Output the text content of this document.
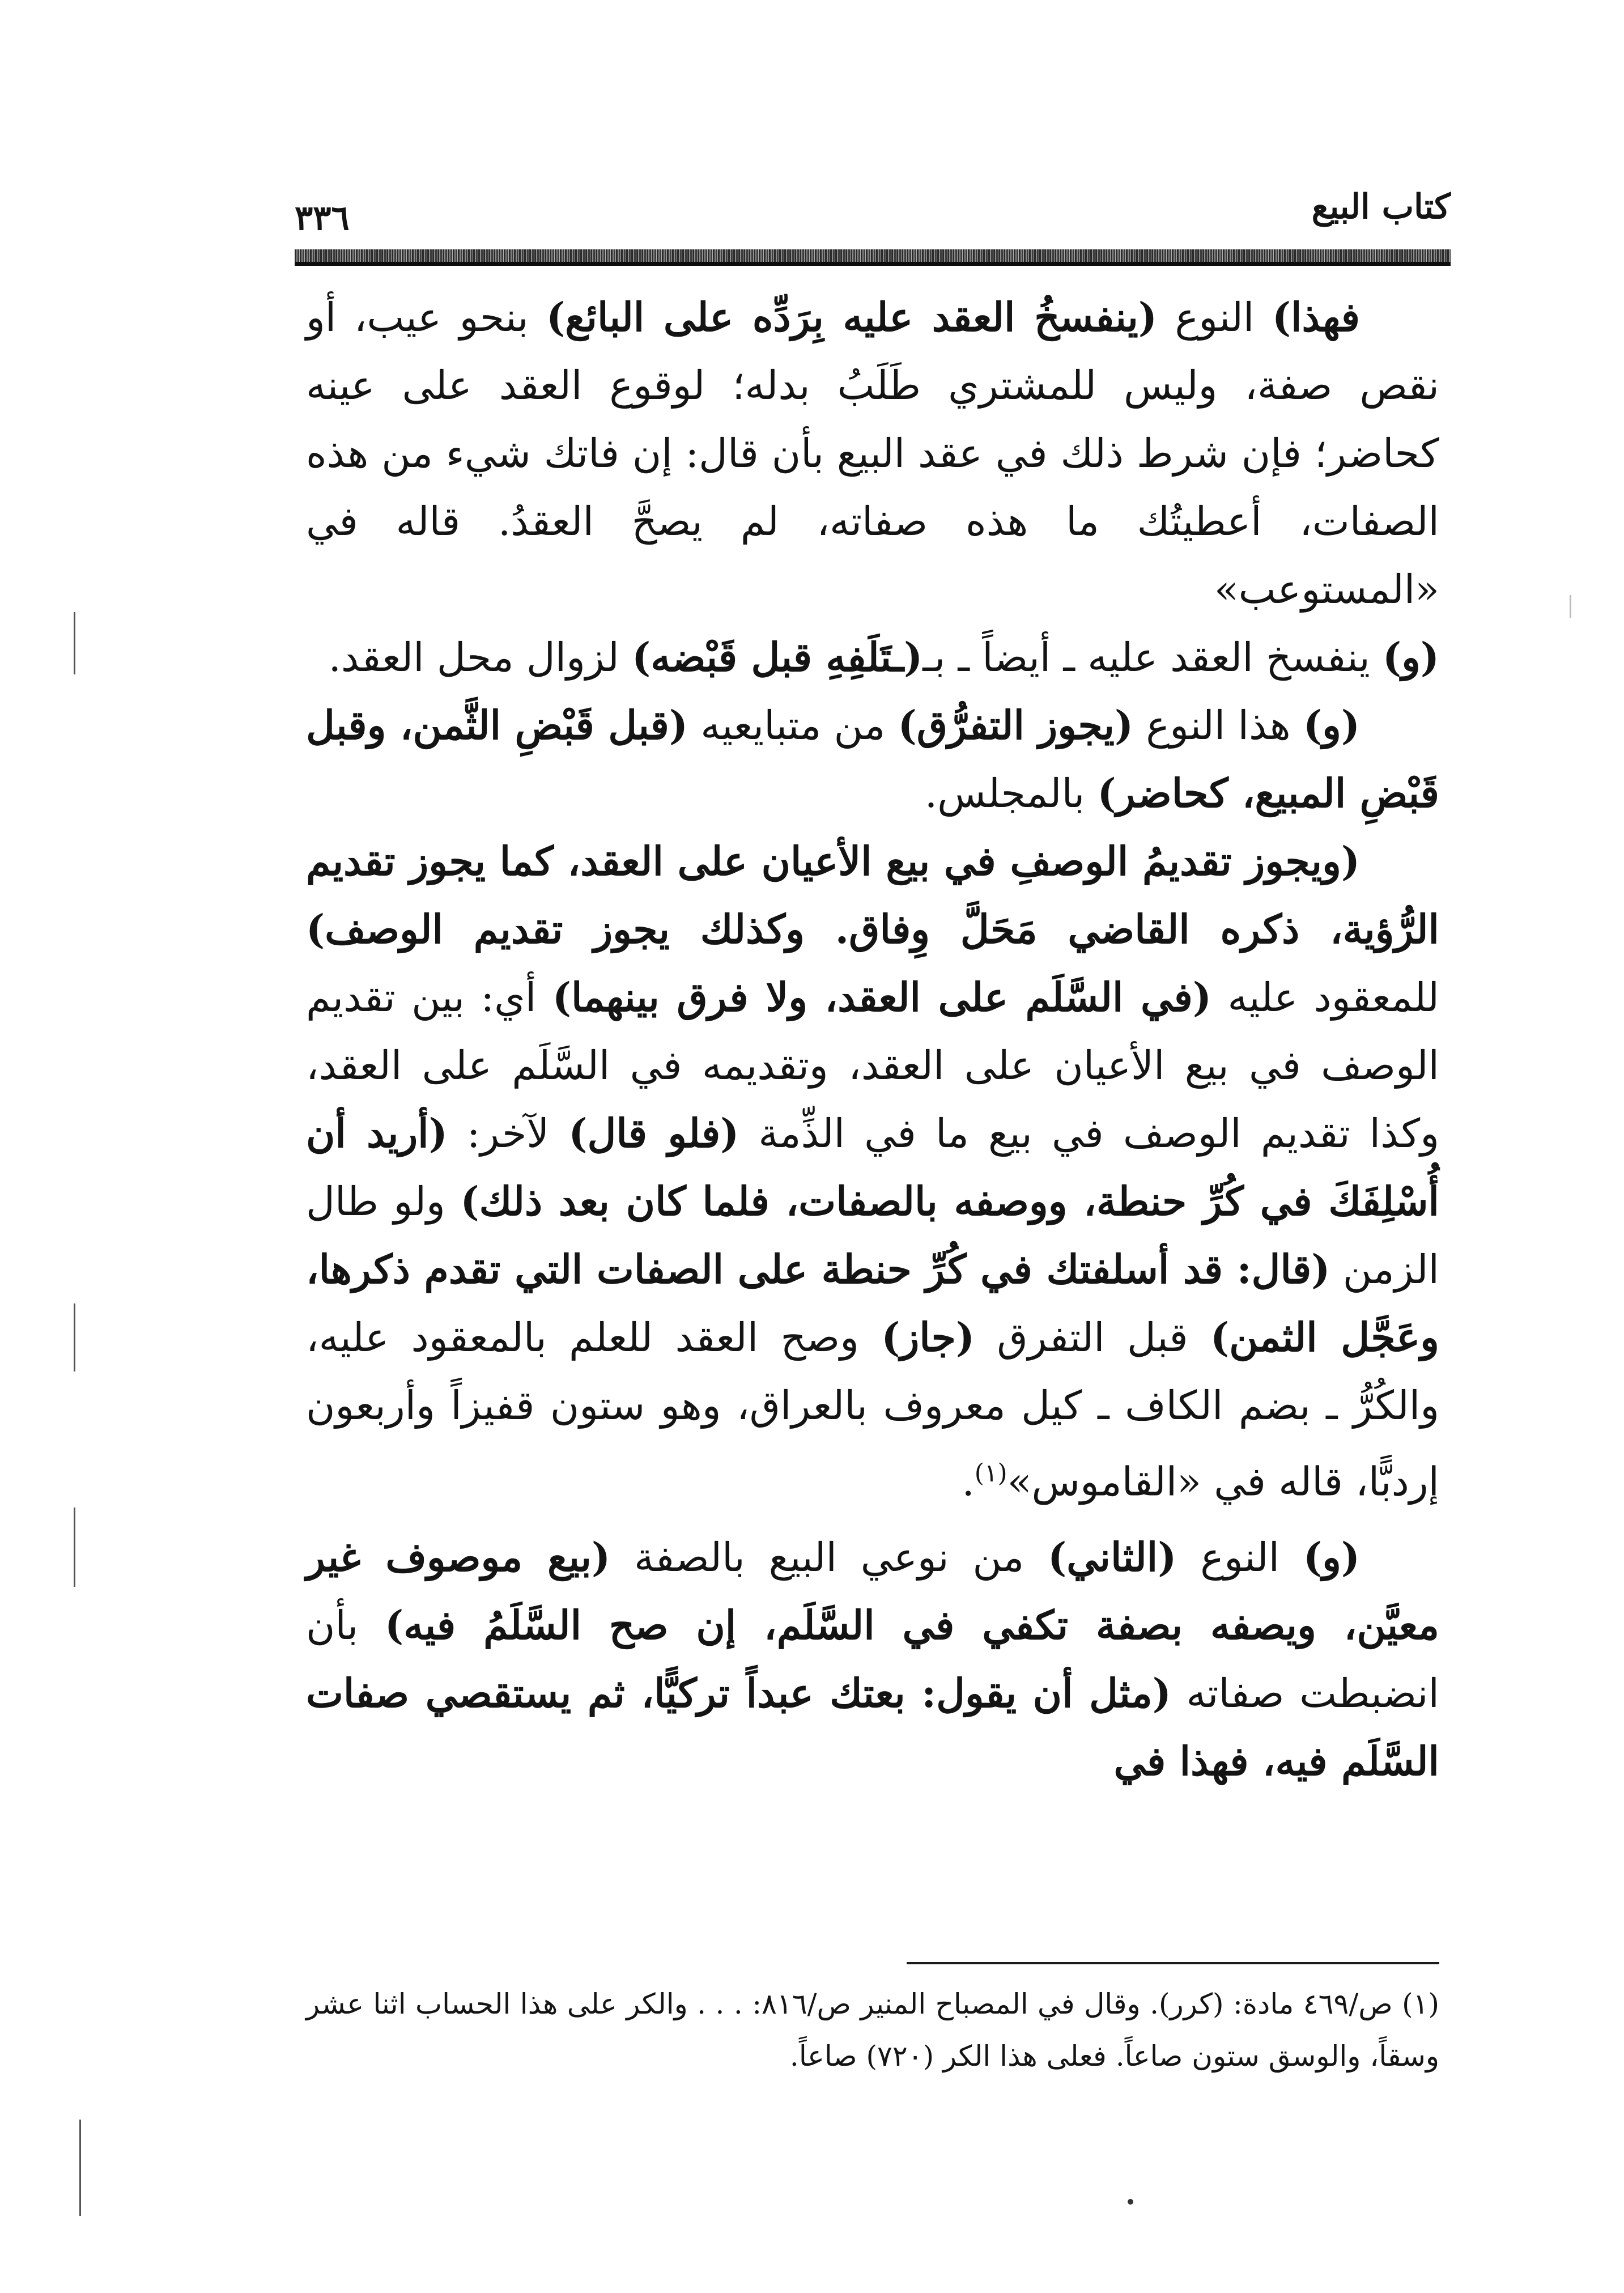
كتاب البيع
٣٣٦

فهذا) النوع (ينفسخُ العقد عليه بِرَدِّه على البائع) بنحو عيب، أو نقص صفة، وليس للمشتري طَلَبُ بدله؛ لوقوع العقد على عينه كحاضر؛ فإن شرط ذلك في عقد البيع بأن قال: إن فاتك شيء من هذه الصفات، أعطيتُك ما هذه صفاته، لم يصحَّ العقدُ. قاله في «المستوعب»

(و) ينفسخ العقد عليه ـ أيضاً ـ بـ(ـتَلَفِهِ قبل قَبْضه) لزوال محل العقد.

(و) هذا النوع (يجوز التفرُّق) من متبايعيه (قبل قَبْضِ الثَّمن، وقبل قَبْضِ المبيع، كحاضر) بالمجلس.

(ويجوز تقديمُ الوصفِ في بيع الأعيان على العقد، كما يجوز تقديم الرُّؤية، ذكره القاضي مَحَلَّ وِفاق. وكذلك يجوز تقديم الوصف) للمعقود عليه (في السَّلَم على العقد، ولا فرق بينهما) أي: بين تقديم الوصف في بيع الأعيان على العقد، وتقديمه في السَّلَم على العقد، وكذا تقديم الوصف في بيع ما في الذِّمة (فلو قال) لآخر: (أريد أن أُسْلِفَكَ في كُرِّ حنطة، ووصفه بالصفات، فلما كان بعد ذلك) ولو طال الزمن (قال: قد أسلفتك في كُرِّ حنطة على الصفات التي تقدم ذكرها، وعَجَّل الثمن) قبل التفرق (جاز) وصح العقد للعلم بالمعقود عليه، والكُرُّ ـ بضم الكاف ـ كيل معروف بالعراق، وهو ستون قفيزاً وأربعون إردبًّا، قاله في «القاموس»$^{(١)}$.

(و) النوع (الثاني) من نوعي البيع بالصفة (بيع موصوف غير معيَّن، ويصفه بصفة تكفي في السَّلَم، إن صح السَّلَمُ فيه) بأن انضبطت صفاته (مثل أن يقول: بعتك عبداً تركيًّا، ثم يستقصي صفات السَّلَم فيه، فهذا في

(١) ص/٤٦٩ مادة: (كرر). وقال في المصباح المنير ص/٨١٦: . . . والكر على هذا الحساب اثنا عشر وسقاً، والوسق ستون صاعاً. فعلى هذا الكر (٧٢٠) صاعاً.
